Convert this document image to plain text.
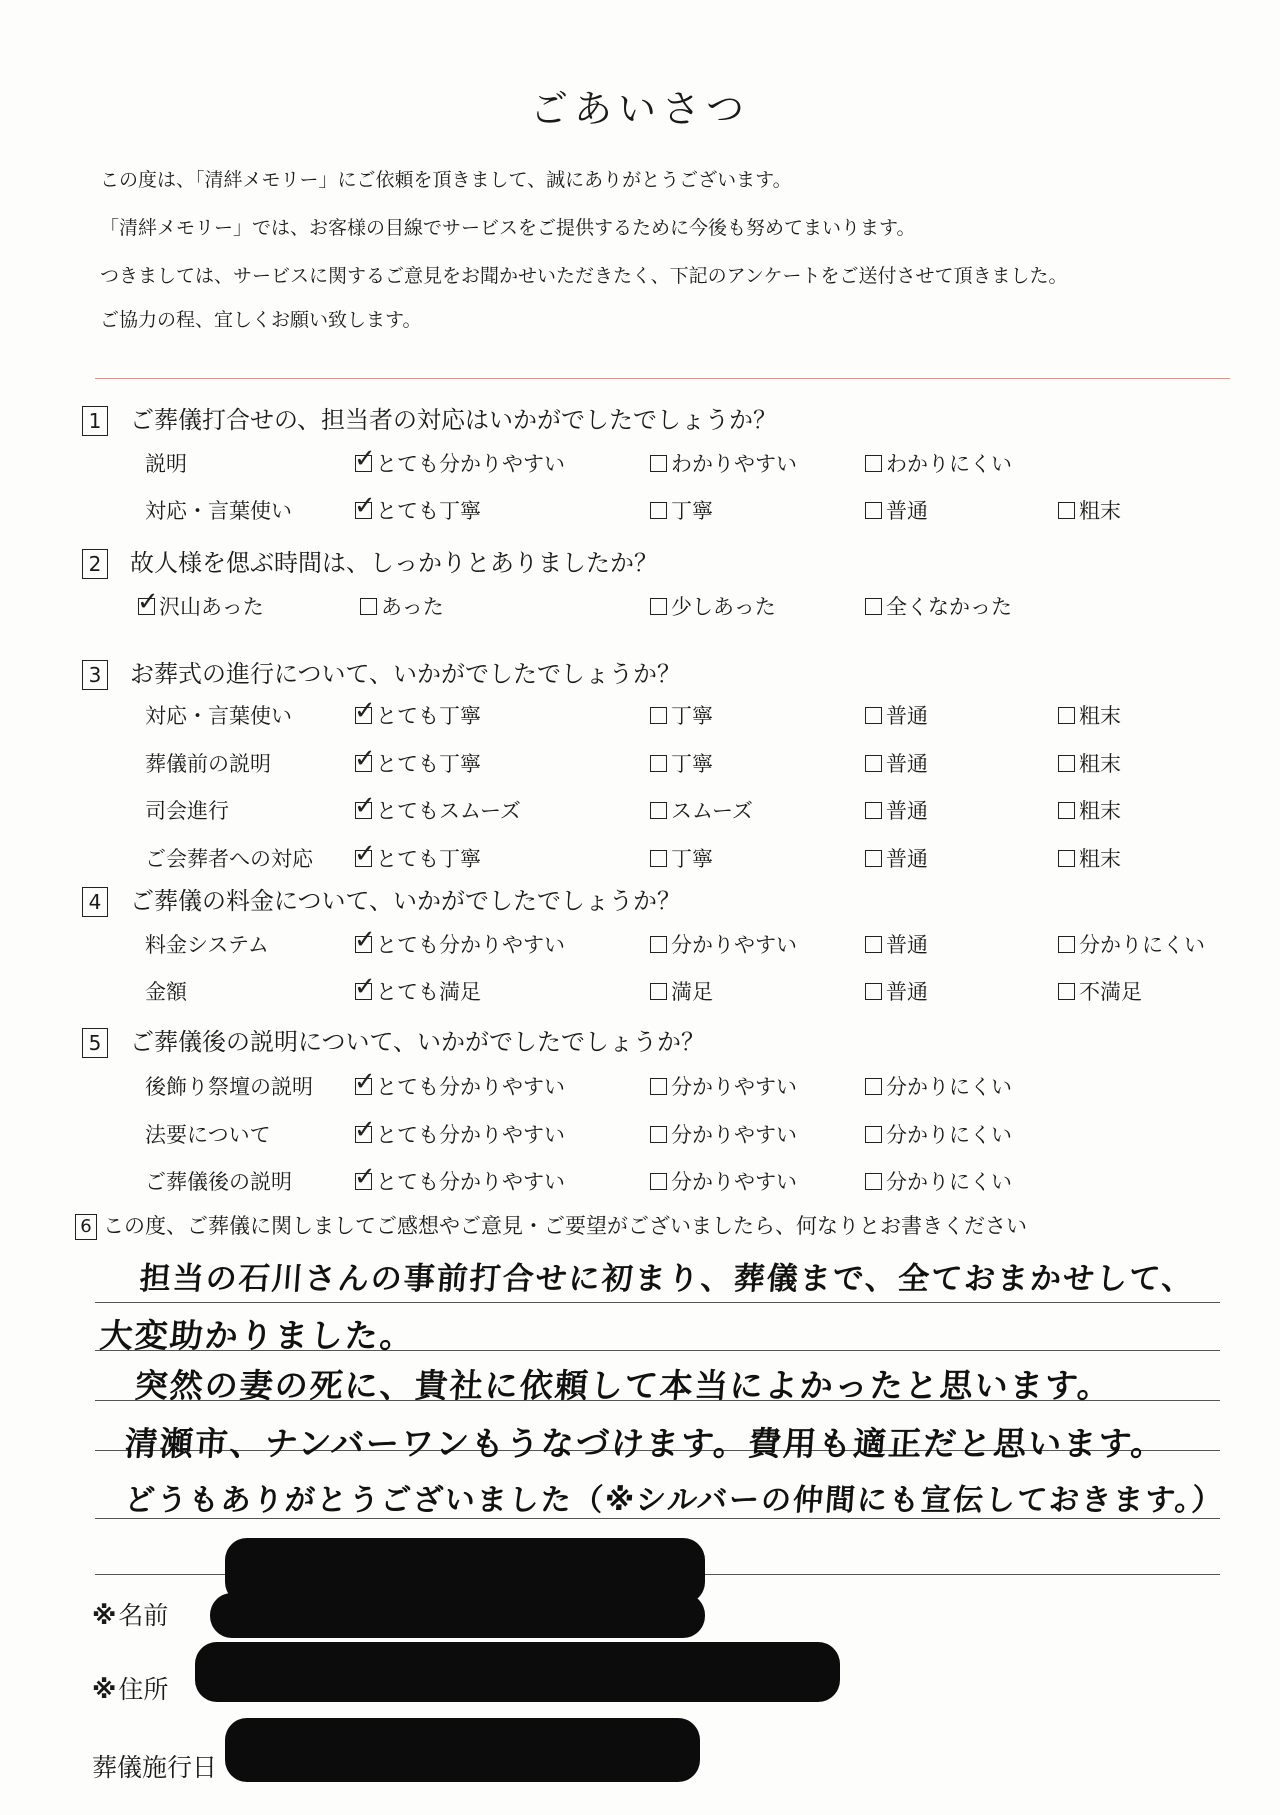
ごあいさつ

この度は、「清絆メモリー」にご依頼を頂きまして、誠にありがとうございます。

「清絆メモリー」では、お客様の目線でサービスをご提供するために今後も努めてまいります。

つきましては、サービスに関するご意見をお聞かせいただきたく、下記のアンケートをご送付させて頂きました。

ご協力の程、宜しくお願い致します。

1 ご葬儀打合せの、担当者の対応はいかがでしたでしょうか？
説明	✓ とても分かりやすい	わかりやすい	わかりにくい
対応・言葉使い ✓ とても丁寧	丁寧	普通	粗末
2 故人様を偲ぶ時間は、しっかりとありましたか？
✓ 沢山あった	あった	少しあった	全くなかった
3 お葬式の進行について、いかがでしたでしょうか？
対応・言葉使い ✓ とても丁寧	丁寧	普通	粗末
葬儀前の説明	✓ とても丁寧	丁寧	普通	粗末
司会進行	✓ とてもスムーズ	スムーズ	普通	粗末
ご会葬者への対応 ✓ とても丁寧	丁寧	普通	粗末
4 ご葬儀の料金について、いかがでしたでしょうか？
料金システム	✓ とても分かりやすい	分かりやすい	普通	分かりにくい
金額	✓ とても満足	満足	普通	不満足
5 ご葬儀後の説明について、いかがでしたでしょうか？
後飾り祭壇の説明 ✓ とても分かりやすい	分かりやすい	分かりにくい
法要について	✓ とても分かりやすい	分かりやすい	分かりにくい
ご葬儀後の説明 ✓ とても分かりやすい	分かりやすい	分かりにくい
6 この度、ご葬儀に関しましてご感想やご意見・ご要望がございましたら、何なりとお書きください
担当の石川さんの事前打合せに初まり、葬儀まで、全ておまかせして、
大変助かりました。
突然の妻の死に、貴社に依頼して本当によかったと思います。
清瀬市、ナンバーワンもうなづけます。費用も適正だと思います。
どうもありがとうございました（※シルバーの仲間にも宣伝しておきます。）
※名前
※住所
葬儀施行日
